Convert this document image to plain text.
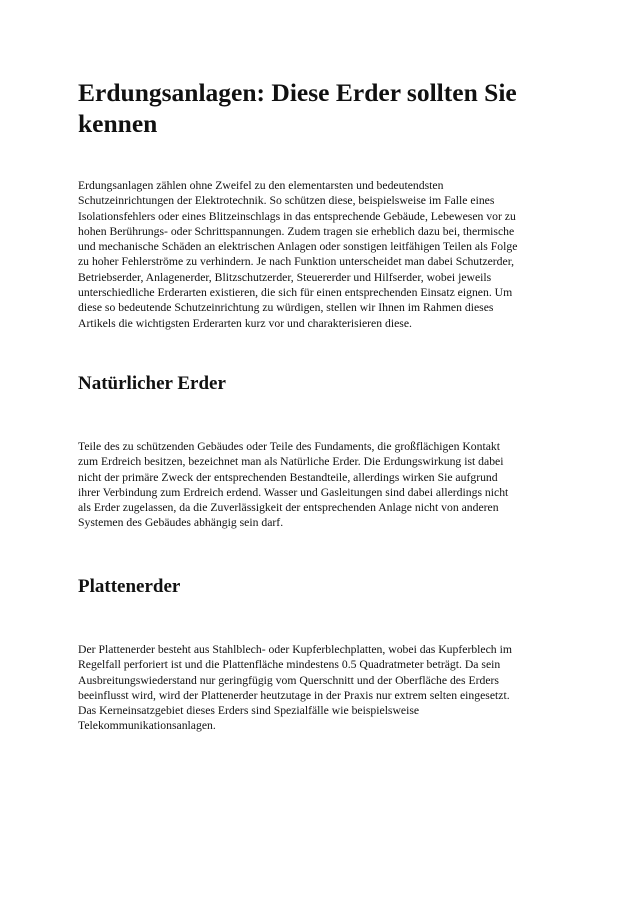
Erdungsanlagen: Diese Erder sollten Sie kennen
Erdungsanlagen zählen ohne Zweifel zu den elementarsten und bedeutendsten
Schutzeinrichtungen der Elektrotechnik. So schützen diese, beispielsweise im Falle eines
Isolationsfehlers oder eines Blitzeinschlags in das entsprechende Gebäude, Lebewesen vor zu
hohen Berührungs- oder Schrittspannungen. Zudem tragen sie erheblich dazu bei, thermische
und mechanische Schäden an elektrischen Anlagen oder sonstigen leitfähigen Teilen als Folge
zu hoher Fehlerströme zu verhindern. Je nach Funktion unterscheidet man dabei Schutzerder,
Betriebserder, Anlagenerder, Blitzschutzerder, Steuererder und Hilfserder, wobei jeweils
unterschiedliche Erderarten existieren, die sich für einen entsprechenden Einsatz eignen. Um
diese so bedeutende Schutzeinrichtung zu würdigen, stellen wir Ihnen im Rahmen dieses
Artikels die wichtigsten Erderarten kurz vor und charakterisieren diese.
Natürlicher Erder
Teile des zu schützenden Gebäudes oder Teile des Fundaments, die großflächigen Kontakt
zum Erdreich besitzen, bezeichnet man als Natürliche Erder. Die Erdungswirkung ist dabei
nicht der primäre Zweck der entsprechenden Bestandteile, allerdings wirken Sie aufgrund
ihrer Verbindung zum Erdreich erdend. Wasser und Gasleitungen sind dabei allerdings nicht
als Erder zugelassen, da die Zuverlässigkeit der entsprechenden Anlage nicht von anderen
Systemen des Gebäudes abhängig sein darf.
Plattenerder
Der Plattenerder besteht aus Stahlblech- oder Kupferblechplatten, wobei das Kupferblech im
Regelfall perforiert ist und die Plattenfläche mindestens 0.5 Quadratmeter beträgt. Da sein
Ausbreitungswiederstand nur geringfügig vom Querschnitt und der Oberfläche des Erders
beeinflusst wird, wird der Plattenerder heutzutage in der Praxis nur extrem selten eingesetzt.
Das Kerneinsatzgebiet dieses Erders sind Spezialfälle wie beispielsweise
Telekommunikationsanlagen.
